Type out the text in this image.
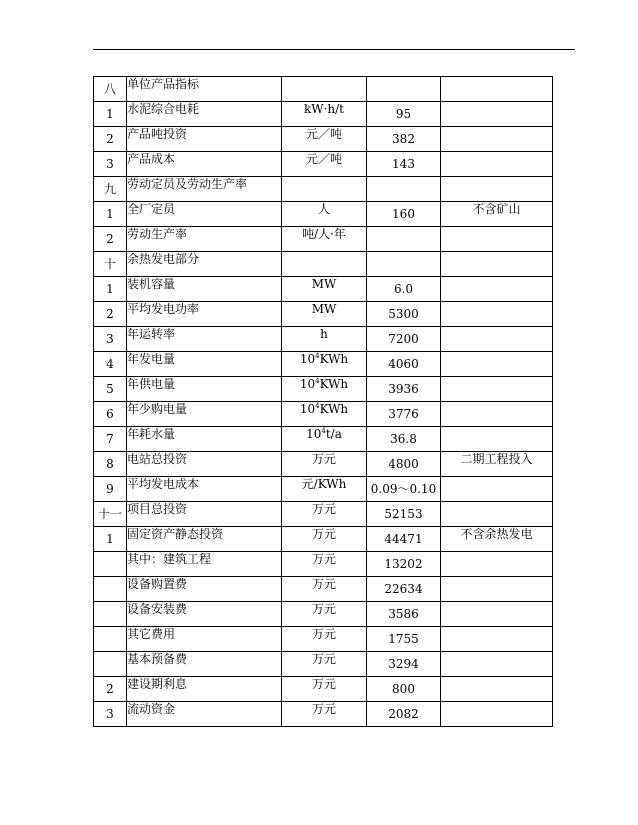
八	单位产品指标			
1	水泥综合电耗	kW·h/t	95	
2	产品吨投资	元／吨	382	
3	产品成本	元／吨	143	
九	劳动定员及劳动生产率			
1	全厂定员	人	160	不含矿山
2	劳动生产率	吨/人·年		
十	余热发电部分			
1	装机容量	MW	6.0	
2	平均发电功率	MW	5300	
3	年运转率	h	7200	
4	年发电量	$10^4KWh$	4060	
5	年供电量	$10^4KWh$	3936	
6	年少购电量	$10^4KWh$	3776	
7	年耗水量	$10^4t/a$	36.8	
8	电站总投资	万元	4800	二期工程投入
9	平均发电成本	元/KWh	0.09～0.10	
十一	项目总投资	万元	52153	
1	固定资产静态投资	万元	44471	不含余热发电
	其中：建筑工程	万元	13202	
	设备购置费	万元	22634	
	设备安装费	万元	3586	
	其它费用	万元	1755	
	基本预备费	万元	3294	
2	建设期利息	万元	800	
3	流动资金	万元	2082	
